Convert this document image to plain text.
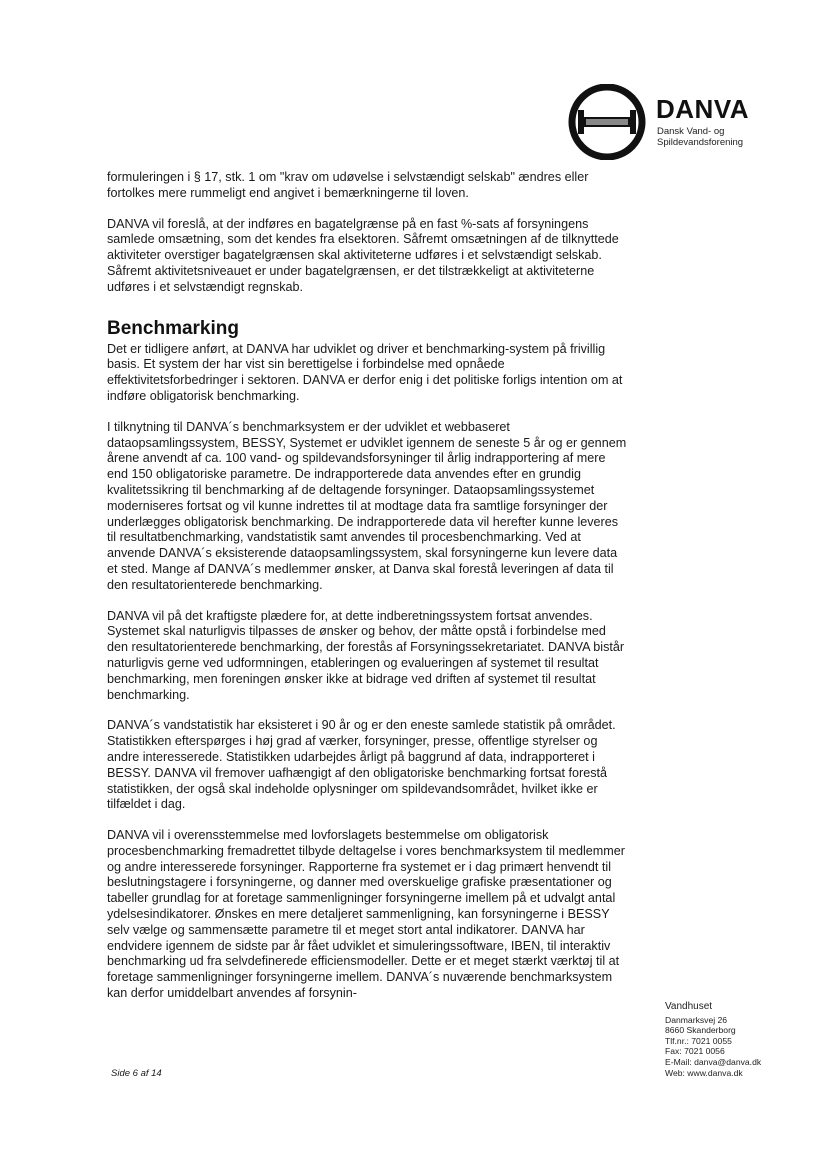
DANVA
Dansk Vand- og
Spildevandsforening

formuleringen i § 17, stk. 1 om "krav om udøvelse i selvstændigt selskab" ændres eller fortolkes mere rummeligt end angivet i bemærkningerne til loven.

DANVA vil foreslå, at der indføres en bagatelgrænse på en fast %-sats af forsyningens samlede omsætning, som det kendes fra elsektoren. Såfremt omsætningen af de tilknyttede aktiviteter overstiger bagatelgrænsen skal aktiviteterne udføres i et selvstændigt selskab. Såfremt aktivitetsniveauet er under bagatelgrænsen, er det tilstrækkeligt at aktiviteterne udføres i et selvstændigt regnskab.

Benchmarking

Det er tidligere anført, at DANVA har udviklet og driver et benchmarking-system på frivillig basis. Et system der har vist sin berettigelse i forbindelse med opnåede effektivitetsforbedringer i sektoren. DANVA er derfor enig i det politiske forligs intention om at indføre obligatorisk benchmarking.

I tilknytning til DANVA´s benchmarksystem er der udviklet et webbaseret dataopsamlingssystem, BESSY, Systemet er udviklet igennem de seneste 5 år og er gennem årene anvendt af ca. 100 vand- og spildevandsforsyninger til årlig indrapportering af mere end 150 obligatoriske parametre. De indrapporterede data anvendes efter en grundig kvalitetssikring til benchmarking af de deltagende forsyninger. Dataopsamlingssystemet moderniseres fortsat og vil kunne indrettes til at modtage data fra samtlige forsyninger der underlægges obligatorisk benchmarking. De indrapporterede data vil herefter kunne leveres til resultatbenchmarking, vandstatistik samt anvendes til procesbenchmarking. Ved at anvende DANVA´s eksisterende dataopsamlingssystem, skal forsyningerne kun levere data et sted. Mange af DANVA´s medlemmer ønsker, at Danva skal forestå leveringen af data til den resultatorienterede benchmarking.

DANVA vil på det kraftigste plædere for, at dette indberetningssystem fortsat anvendes. Systemet skal naturligvis tilpasses de ønsker og behov, der måtte opstå i forbindelse med den resultatorienterede benchmarking, der forestås af Forsyningssekretariatet. DANVA bistår naturligvis gerne ved udformningen, etableringen og evalueringen af systemet til resultat benchmarking, men foreningen ønsker ikke at bidrage ved driften af systemet til resultat benchmarking.

DANVA´s vandstatistik har eksisteret i 90 år og er den eneste samlede statistik på området. Statistikken efterspørges i høj grad af værker, forsyninger, presse, offentlige styrelser og andre interesserede. Statistikken udarbejdes årligt på baggrund af data, indrapporteret i BESSY. DANVA vil fremover uafhængigt af den obligatoriske benchmarking fortsat forestå statistikken, der også skal indeholde oplysninger om spildevandsområdet, hvilket ikke er tilfældet i dag.

DANVA vil i overensstemmelse med lovforslagets bestemmelse om obligatorisk procesbenchmarking fremadrettet tilbyde deltagelse i vores benchmarksystem til medlemmer og andre interesserede forsyninger. Rapporterne fra systemet er i dag primært henvendt til beslutningstagere i forsyningerne, og danner med overskuelige grafiske præsentationer og tabeller grundlag for at foretage sammenligninger forsyningerne imellem på et udvalgt antal ydelsesindikatorer. Ønskes en mere detaljeret sammenligning, kan forsyningerne i BESSY selv vælge og sammensætte parametre til et meget stort antal indikatorer. DANVA har endvidere igennem de sidste par år fået udviklet et simuleringssoftware, IBEN, til interaktiv benchmarking ud fra selvdefinerede efficiensmodeller. Dette er et meget stærkt værktøj til at foretage sammenligninger forsyningerne imellem. DANVA´s nuværende benchmarksystem kan derfor umiddelbart anvendes af forsynin-

Vandhuset
Danmarksvej 26
8660 Skanderborg
Tlf.nr.: 7021 0055
Fax: 7021 0056
E-Mail: danva@danva.dk
Web: www.danva.dk
Side 6 af 14
